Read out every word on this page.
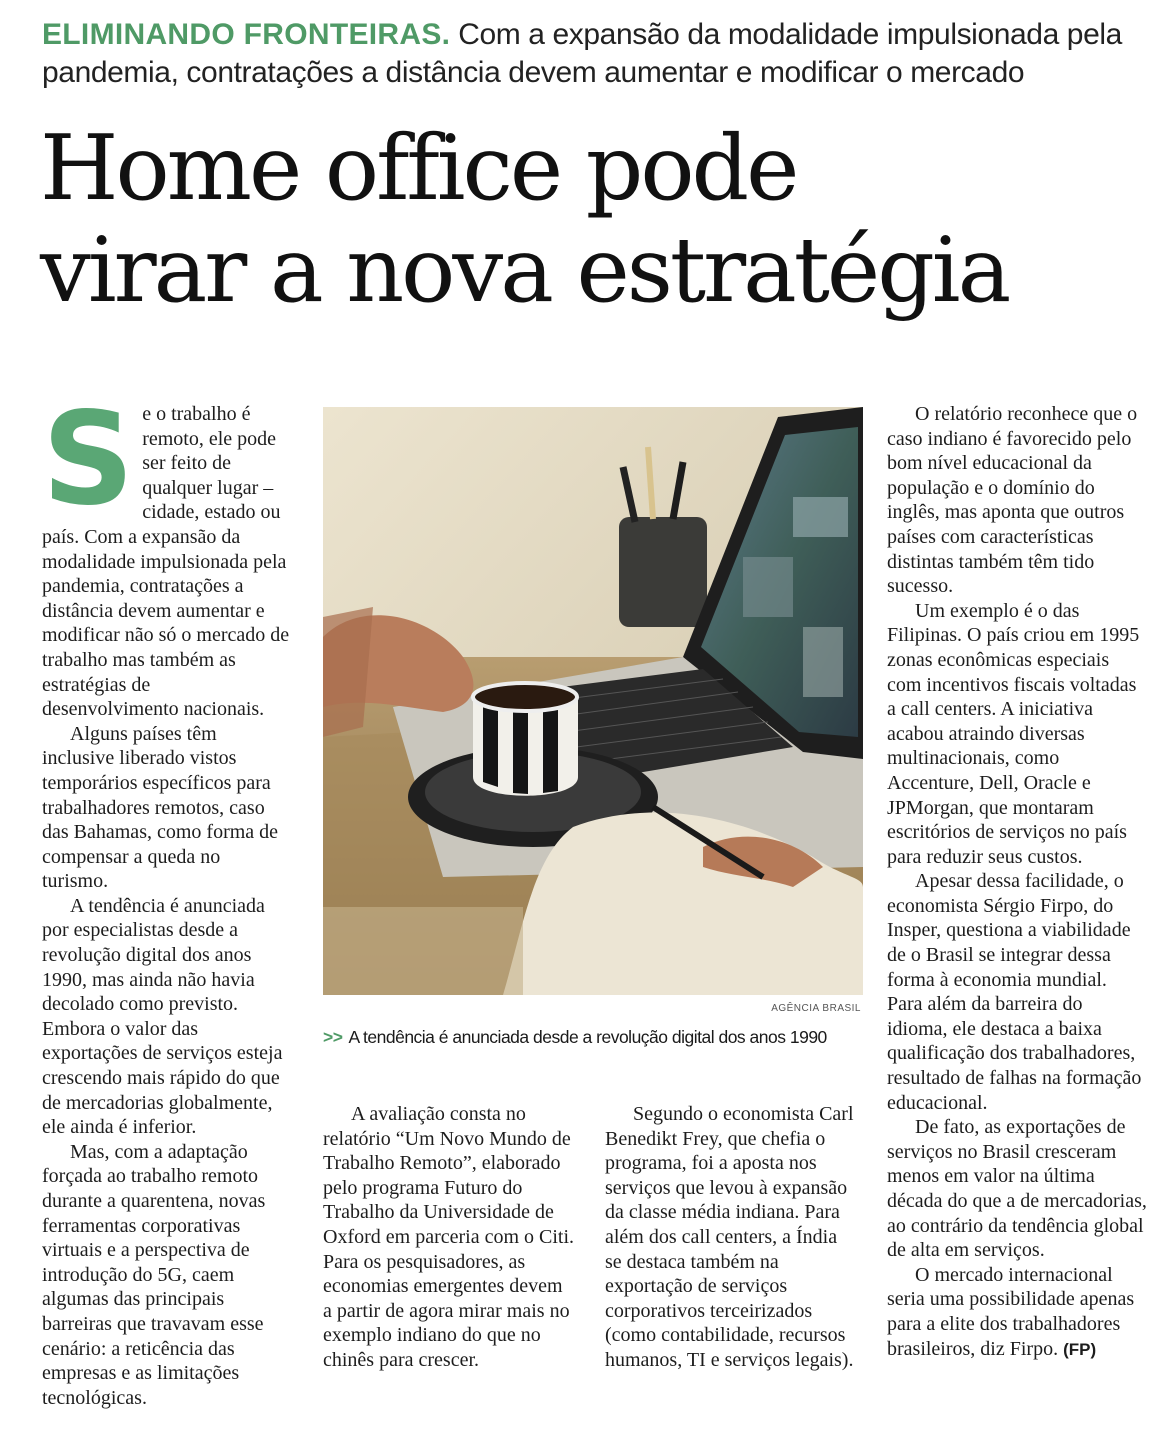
ELIMINANDO FRONTEIRAS. Com a expansão da modalidade impulsionada pela pandemia, contratações a distância devem aumentar e modificar o mercado
Home office pode
virar a nova estratégia

Se o trabalho é remoto, ele pode ser feito de qualquer lugar –cidade, estado ou país. Com a expansão da modalidade impulsionada pela pandemia, contratações a distância devem aumentar e modificar não só o mercado de trabalho mas também as estratégias de desenvolvimento nacionais.

Alguns países têm inclusive liberado vistos temporários específicos para trabalhadores remotos, caso das Bahamas, como forma de compensar a queda no turismo.

A tendência é anunciada por especialistas desde a revolução digital dos anos 1990, mas ainda não havia decolado como previsto. Embora o valor das exportações de serviços esteja crescendo mais rápido do que de mercadorias globalmente, ele ainda é inferior.

Mas, com a adaptação forçada ao trabalho remoto durante a quarentena, novas ferramentas corporativas virtuais e a perspectiva de introdução do 5G, caem algumas das principais barreiras que travavam esse cenário: a reticência das empresas e as limitações tecnológicas.

AGÊNCIA BRASIL
>> A tendência é anunciada desde a revolução digital dos anos 1990

A avaliação consta no relatório “Um Novo Mundo de Trabalho Remoto”, elaborado pelo programa Futuro do Trabalho da Universidade de Oxford em parceria com o Citi. Para os pesquisadores, as economias emergentes devem a partir de agora mirar mais no exemplo indiano do que no chinês para crescer.

Segundo o economista Carl Benedikt Frey, que chefia o programa, foi a aposta nos serviços que levou à expansão da classe média indiana. Para além dos call centers, a Índia se destaca também na exportação de serviços corporativos terceirizados (como contabilidade, recursos humanos, TI e serviços legais).

O relatório reconhece que o caso indiano é favorecido pelo bom nível educacional da população e o domínio do inglês, mas aponta que outros países com características distintas também têm tido sucesso.

Um exemplo é o das Filipinas. O país criou em 1995 zonas econômicas especiais com incentivos fiscais voltadas a call centers. A iniciativa acabou atraindo diversas multinacionais, como Accenture, Dell, Oracle e JPMorgan, que montaram escritórios de serviços no país para reduzir seus custos.

Apesar dessa facilidade, o economista Sérgio Firpo, do Insper, questiona a viabilidade de o Brasil se integrar dessa forma à economia mundial. Para além da barreira do idioma, ele destaca a baixa qualificação dos trabalhadores, resultado de falhas na formação educacional.

De fato, as exportações de serviços no Brasil cresceram menos em valor na última década do que a de mercadorias, ao contrário da tendência global de alta em serviços.

O mercado internacional seria uma possibilidade apenas para a elite dos trabalhadores brasileiros, diz Firpo. (FP)
